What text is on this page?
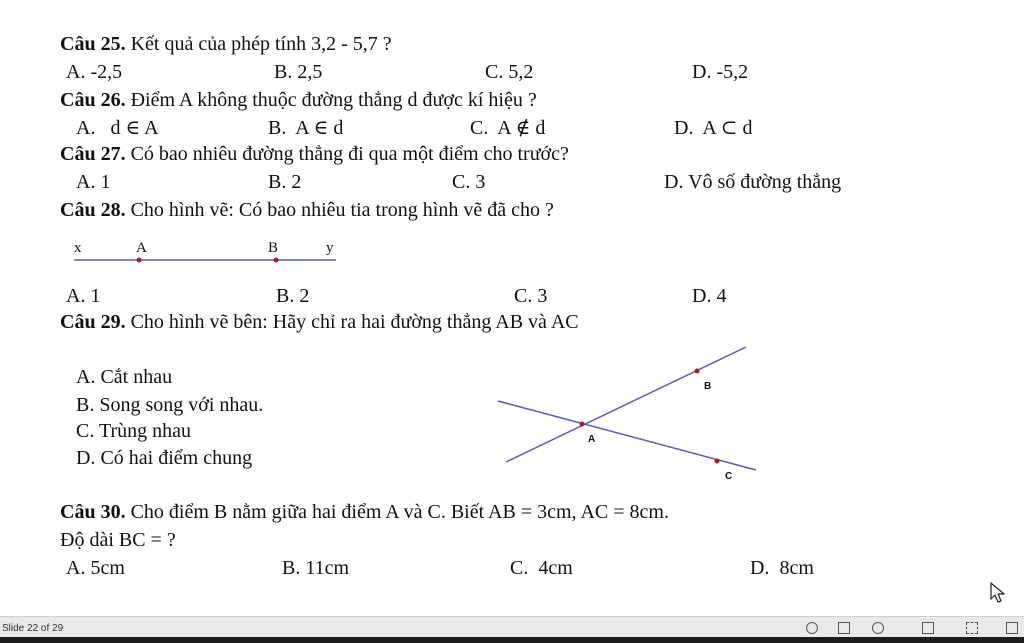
Câu 25. Kết quả của phép tính 3,2 - 5,7 ?
A. -2,5	B. 2,5	C. 5,2	D. -5,2
Câu 26. Điểm A không thuộc đường thẳng d được kí hiệu ?
A.   d ∈ A	B.  A ∈ d	C.  A ∉ d	D.  A ⊂ d
Câu 27. Có bao nhiêu đường thẳng đi qua một điểm cho trước?
A. 1	B. 2	C. 3	D. Vô số đường thẳng
Câu 28. Cho hình vẽ: Có bao nhiêu tia trong hình vẽ đã cho ?
x	A	B	y
A. 1	B. 2	C. 3	D. 4
Câu 29. Cho hình vẽ bên: Hãy chỉ ra hai đường thẳng AB và AC
A. Cắt nhau
B. Song song với nhau.
C. Trùng nhau
D. Có hai điểm chung
B
A
C
Câu 30. Cho điểm B nằm giữa hai điểm A và C. Biết AB = 3cm, AC = 8cm.
Độ dài BC = ?
A. 5cm	B. 11cm	C.  4cm	D.  8cm
Slide 22 of 29
